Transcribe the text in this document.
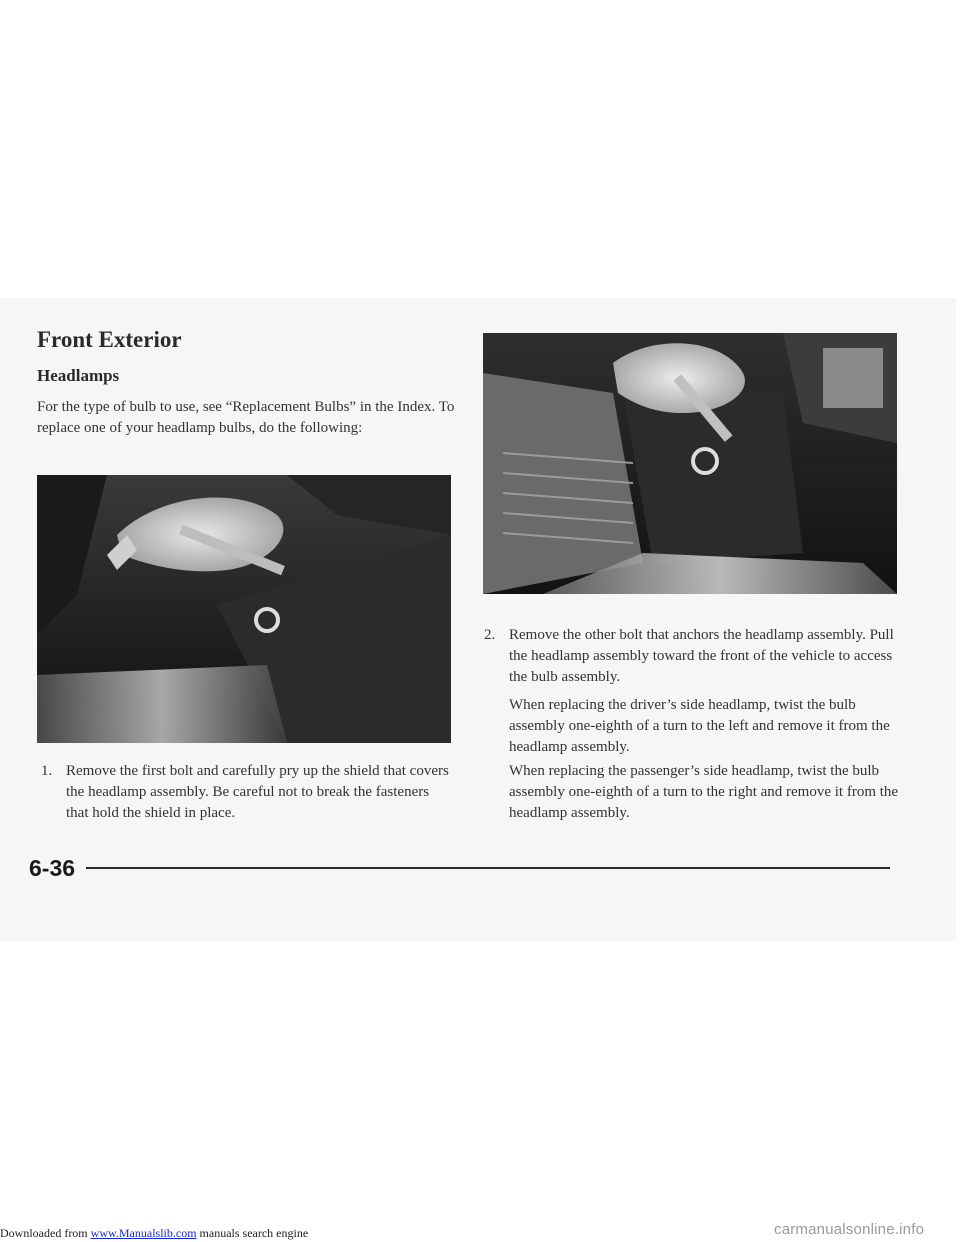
Front Exterior
Headlamps

For the type of bulb to use, see “Replacement Bulbs” in the Index. To replace one of your headlamp bulbs, do the following:

1. Remove the first bolt and carefully pry up the shield that covers the headlamp assembly. Be careful not to break the fasteners that hold the shield in place.

2. Remove the other bolt that anchors the headlamp assembly. Pull the headlamp assembly toward the front of the vehicle to access the bulb assembly.

When replacing the driver’s side headlamp, twist the bulb assembly one-eighth of a turn to the left and remove it from the headlamp assembly.

When replacing the passenger’s side headlamp, twist the bulb assembly one-eighth of a turn to the right and remove it from the headlamp assembly.

6-36

Downloaded from www.Manualslib.com manuals search engine	carmanualsonline.info
